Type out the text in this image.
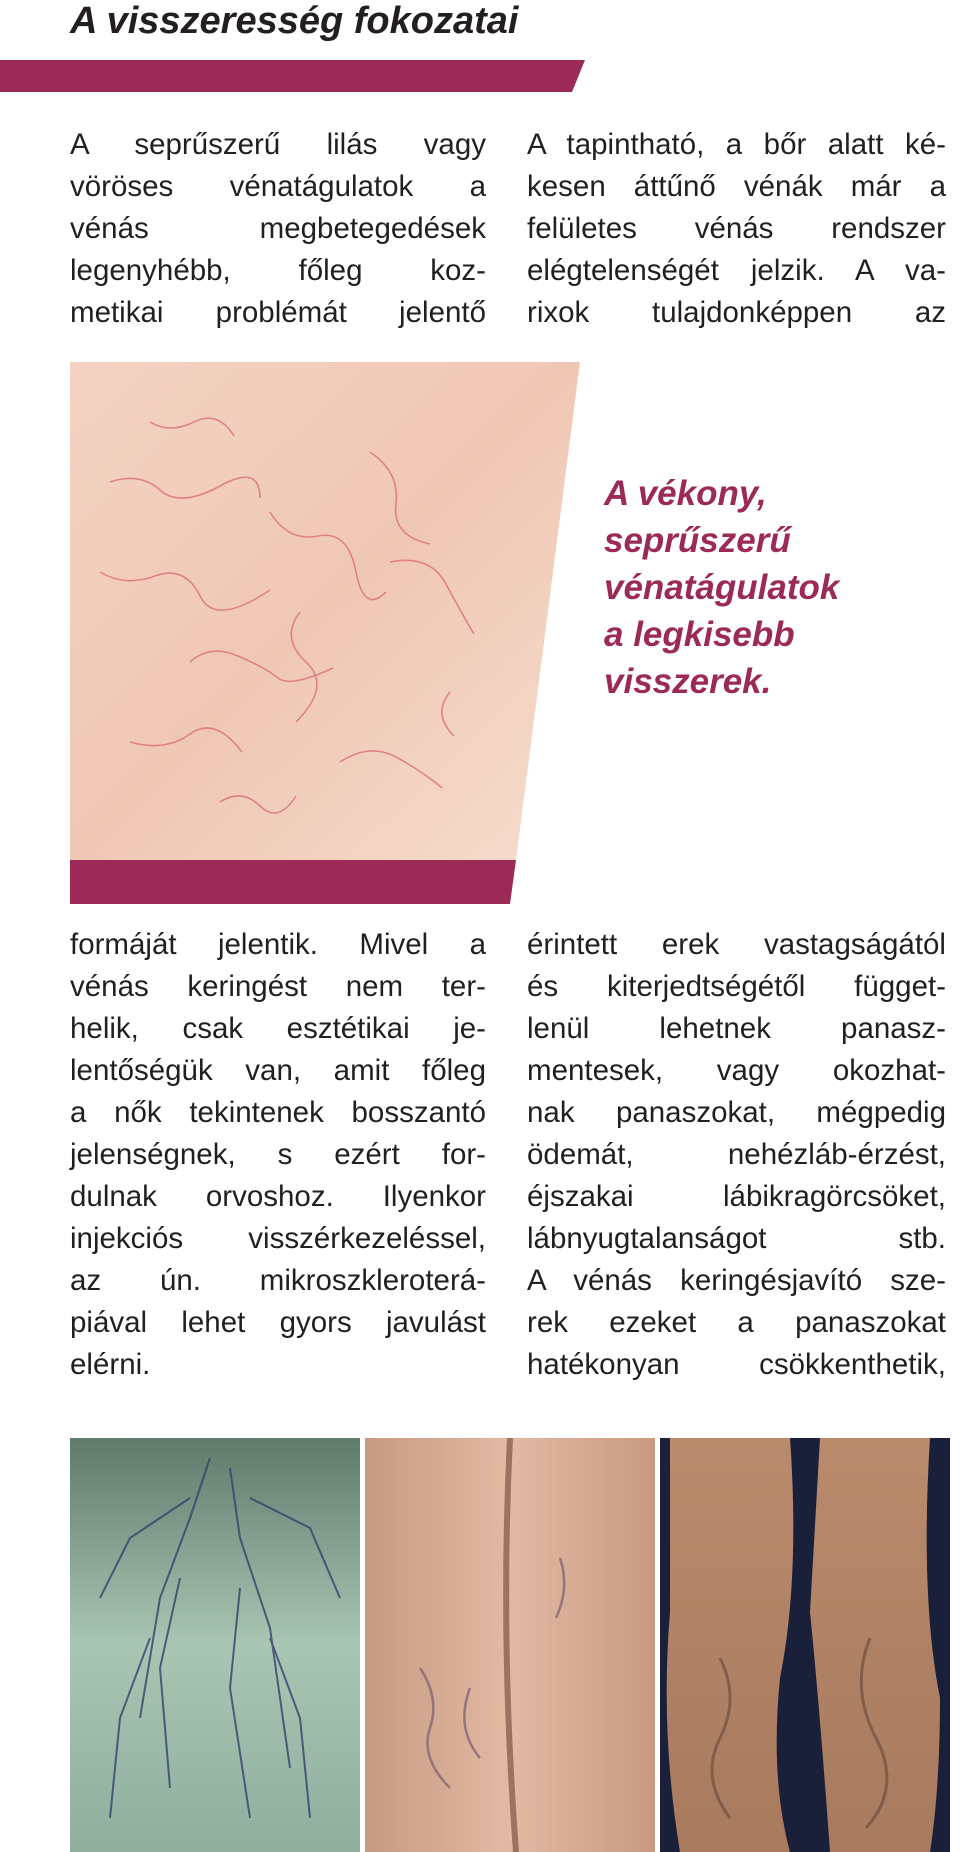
A visszeresség fokozatai
A seprűszerű lilás vagy
vöröses vénatágulatok a
vénás megbetegedések
legenyhébb, főleg koz-
metikai problémát jelentő
A tapintható, a bőr alatt ké-
kesen áttűnő vénák már a
felületes vénás rendszer
elégtelenségét jelzik. A va-
rixok tulajdonképpen az
A vékony,
seprűszerű
vénatágulatok
a legkisebb
visszerek.
formáját jelentik. Mivel a
vénás keringést nem ter-
helik, csak esztétikai je-
lentőségük van, amit főleg
a nők tekintenek bosszantó
jelenségnek, s ezért for-
dulnak orvoshoz. Ilyenkor
injekciós visszérkezeléssel,
az ún. mikroszkleroterá-
piával lehet gyors javulást
elérni.
érintett erek vastagságától
és kiterjedtségétől függet-
lenül lehetnek panasz-
mentesek, vagy okozhat-
nak panaszokat, mégpedig
ödemát, nehézláb-érzést,
éjszakai lábikragörcsöket,
lábnyugtalanságot stb.
A vénás keringésjavító sze-
rek ezeket a panaszokat
hatékonyan csökkenthetik,
